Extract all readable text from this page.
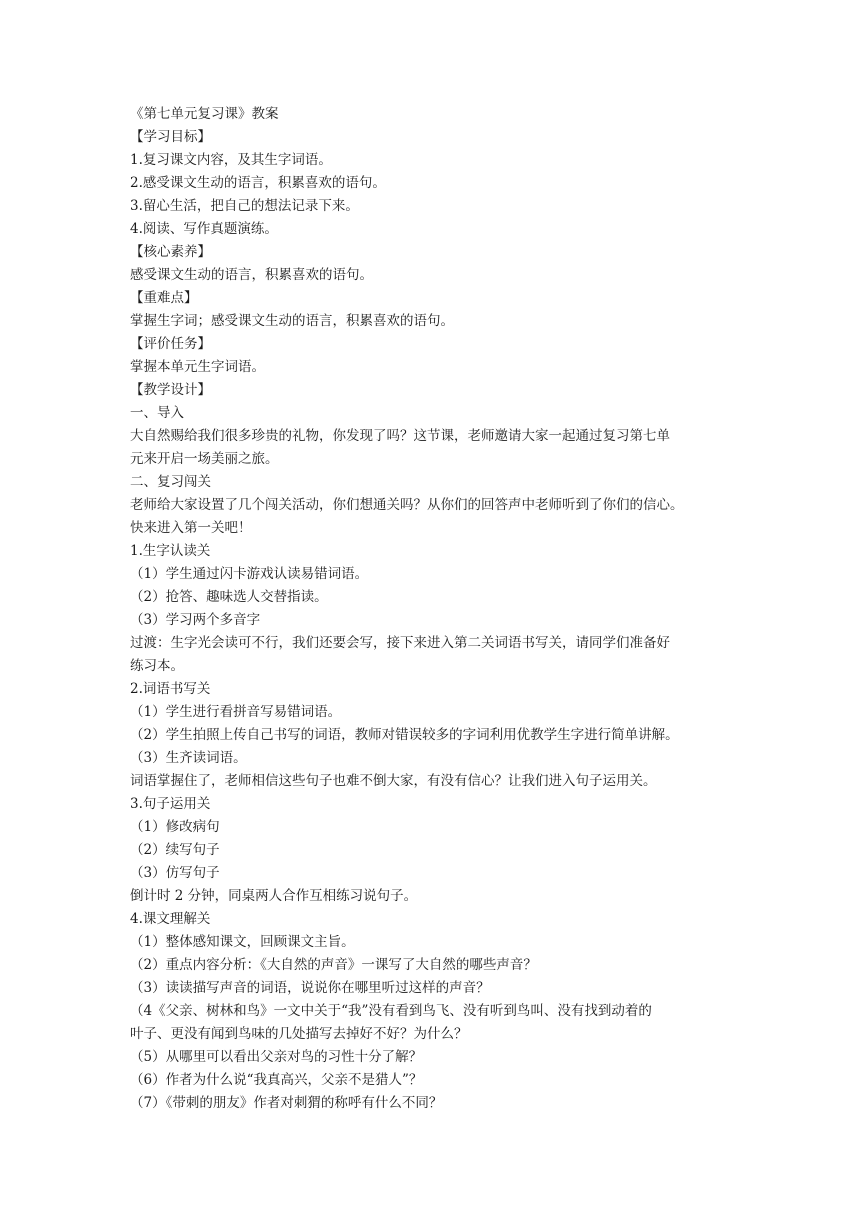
《第七单元复习课》教案
【学习目标】
1.复习课文内容，及其生字词语。
2.感受课文生动的语言，积累喜欢的语句。
3.留心生活，把自己的想法记录下来。
4.阅读、写作真题演练。
【核心素养】
感受课文生动的语言，积累喜欢的语句。
【重难点】
掌握生字词；感受课文生动的语言，积累喜欢的语句。
【评价任务】
掌握本单元生字词语。
【教学设计】
一、导入
大自然赐给我们很多珍贵的礼物，你发现了吗？这节课，老师邀请大家一起通过复习第七单
元来开启一场美丽之旅。
二、复习闯关
老师给大家设置了几个闯关活动，你们想通关吗？从你们的回答声中老师听到了你们的信心。
快来进入第一关吧！
1.生字认读关
（1）学生通过闪卡游戏认读易错词语。
（2）抢答、趣味选人交替指读。
（3）学习两个多音字
过渡：生字光会读可不行，我们还要会写，接下来进入第二关词语书写关，请同学们准备好
练习本。
2.词语书写关
（1）学生进行看拼音写易错词语。
（2）学生拍照上传自己书写的词语，教师对错误较多的字词利用优教学生字进行简单讲解。
（3）生齐读词语。
词语掌握住了，老师相信这些句子也难不倒大家，有没有信心？让我们进入句子运用关。
3.句子运用关
（1）修改病句
（2）续写句子
（3）仿写句子
倒计时 2 分钟，同桌两人合作互相练习说句子。
4.课文理解关
（1）整体感知课文，回顾课文主旨。
（2）重点内容分析：《大自然的声音》一课写了大自然的哪些声音？
（3）读读描写声音的词语，说说你在哪里听过这样的声音？
（4《父亲、树林和鸟》一文中关于“我”没有看到鸟飞、没有听到鸟叫、没有找到动着的
叶子、更没有闻到鸟味的几处描写去掉好不好？为什么？
（5）从哪里可以看出父亲对鸟的习性十分了解？
（6）作者为什么说“我真高兴，父亲不是猎人”？
（7）《带刺的朋友》作者对刺猬的称呼有什么不同？
